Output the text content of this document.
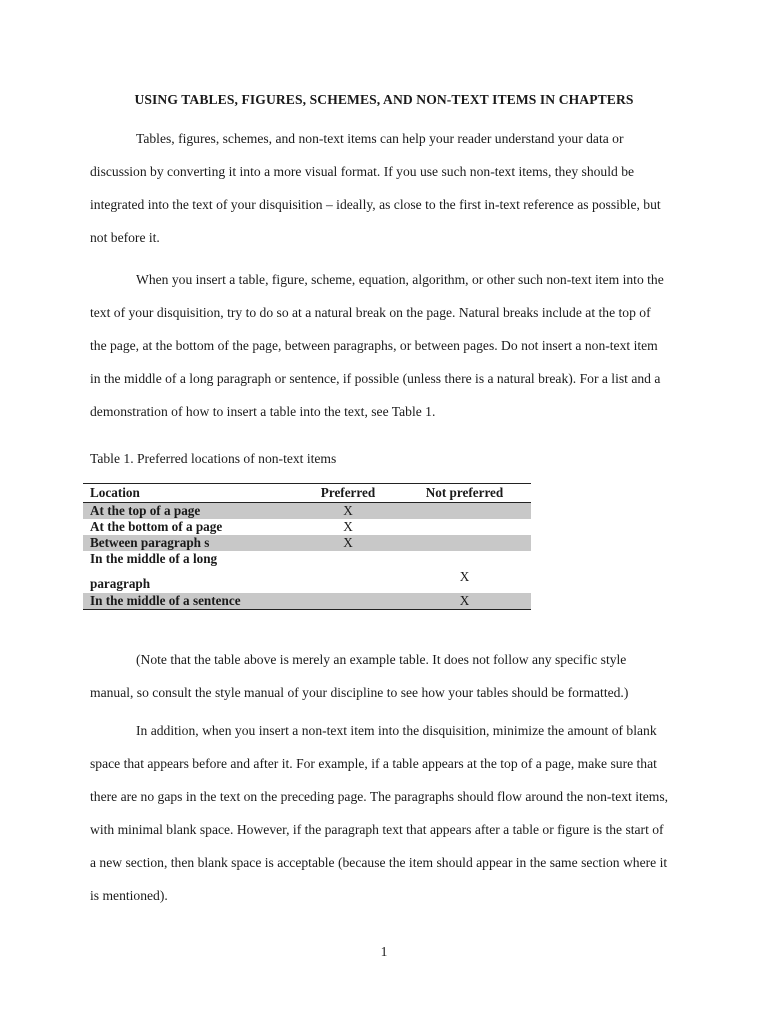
USING TABLES, FIGURES, SCHEMES, AND NON-TEXT ITEMS IN CHAPTERS
Tables, figures, schemes, and non-text items can help your reader understand your data or
discussion by converting it into a more visual format. If you use such non-text items, they should be
integrated into the text of your disquisition – ideally, as close to the first in-text reference as possible, but
not before it.
When you insert a table, figure, scheme, equation, algorithm, or other such non-text item into the
text of your disquisition, try to do so at a natural break on the page. Natural breaks include at the top of
the page, at the bottom of the page, between paragraphs, or between pages. Do not insert a non-text item
in the middle of a long paragraph or sentence, if possible (unless there is a natural break). For a list and a
demonstration of how to insert a table into the text, see Table 1.
Table 1. Preferred locations of non-text items
Location	Preferred	Not preferred
At the top of a page	X	
At the bottom of a page	X	
Between paragraph s	X	

In the middle of a long
paragraph		X
In the middle of a sentence		X
(Note that the table above is merely an example table. It does not follow any specific style
manual, so consult the style manual of your discipline to see how your tables should be formatted.)
In addition, when you insert a non-text item into the disquisition, minimize the amount of blank
space that appears before and after it. For example, if a table appears at the top of a page, make sure that
there are no gaps in the text on the preceding page. The paragraphs should flow around the non-text items,
with minimal blank space. However, if the paragraph text that appears after a table or figure is the start of
a new section, then blank space is acceptable (because the item should appear in the same section where it
is mentioned).
1
